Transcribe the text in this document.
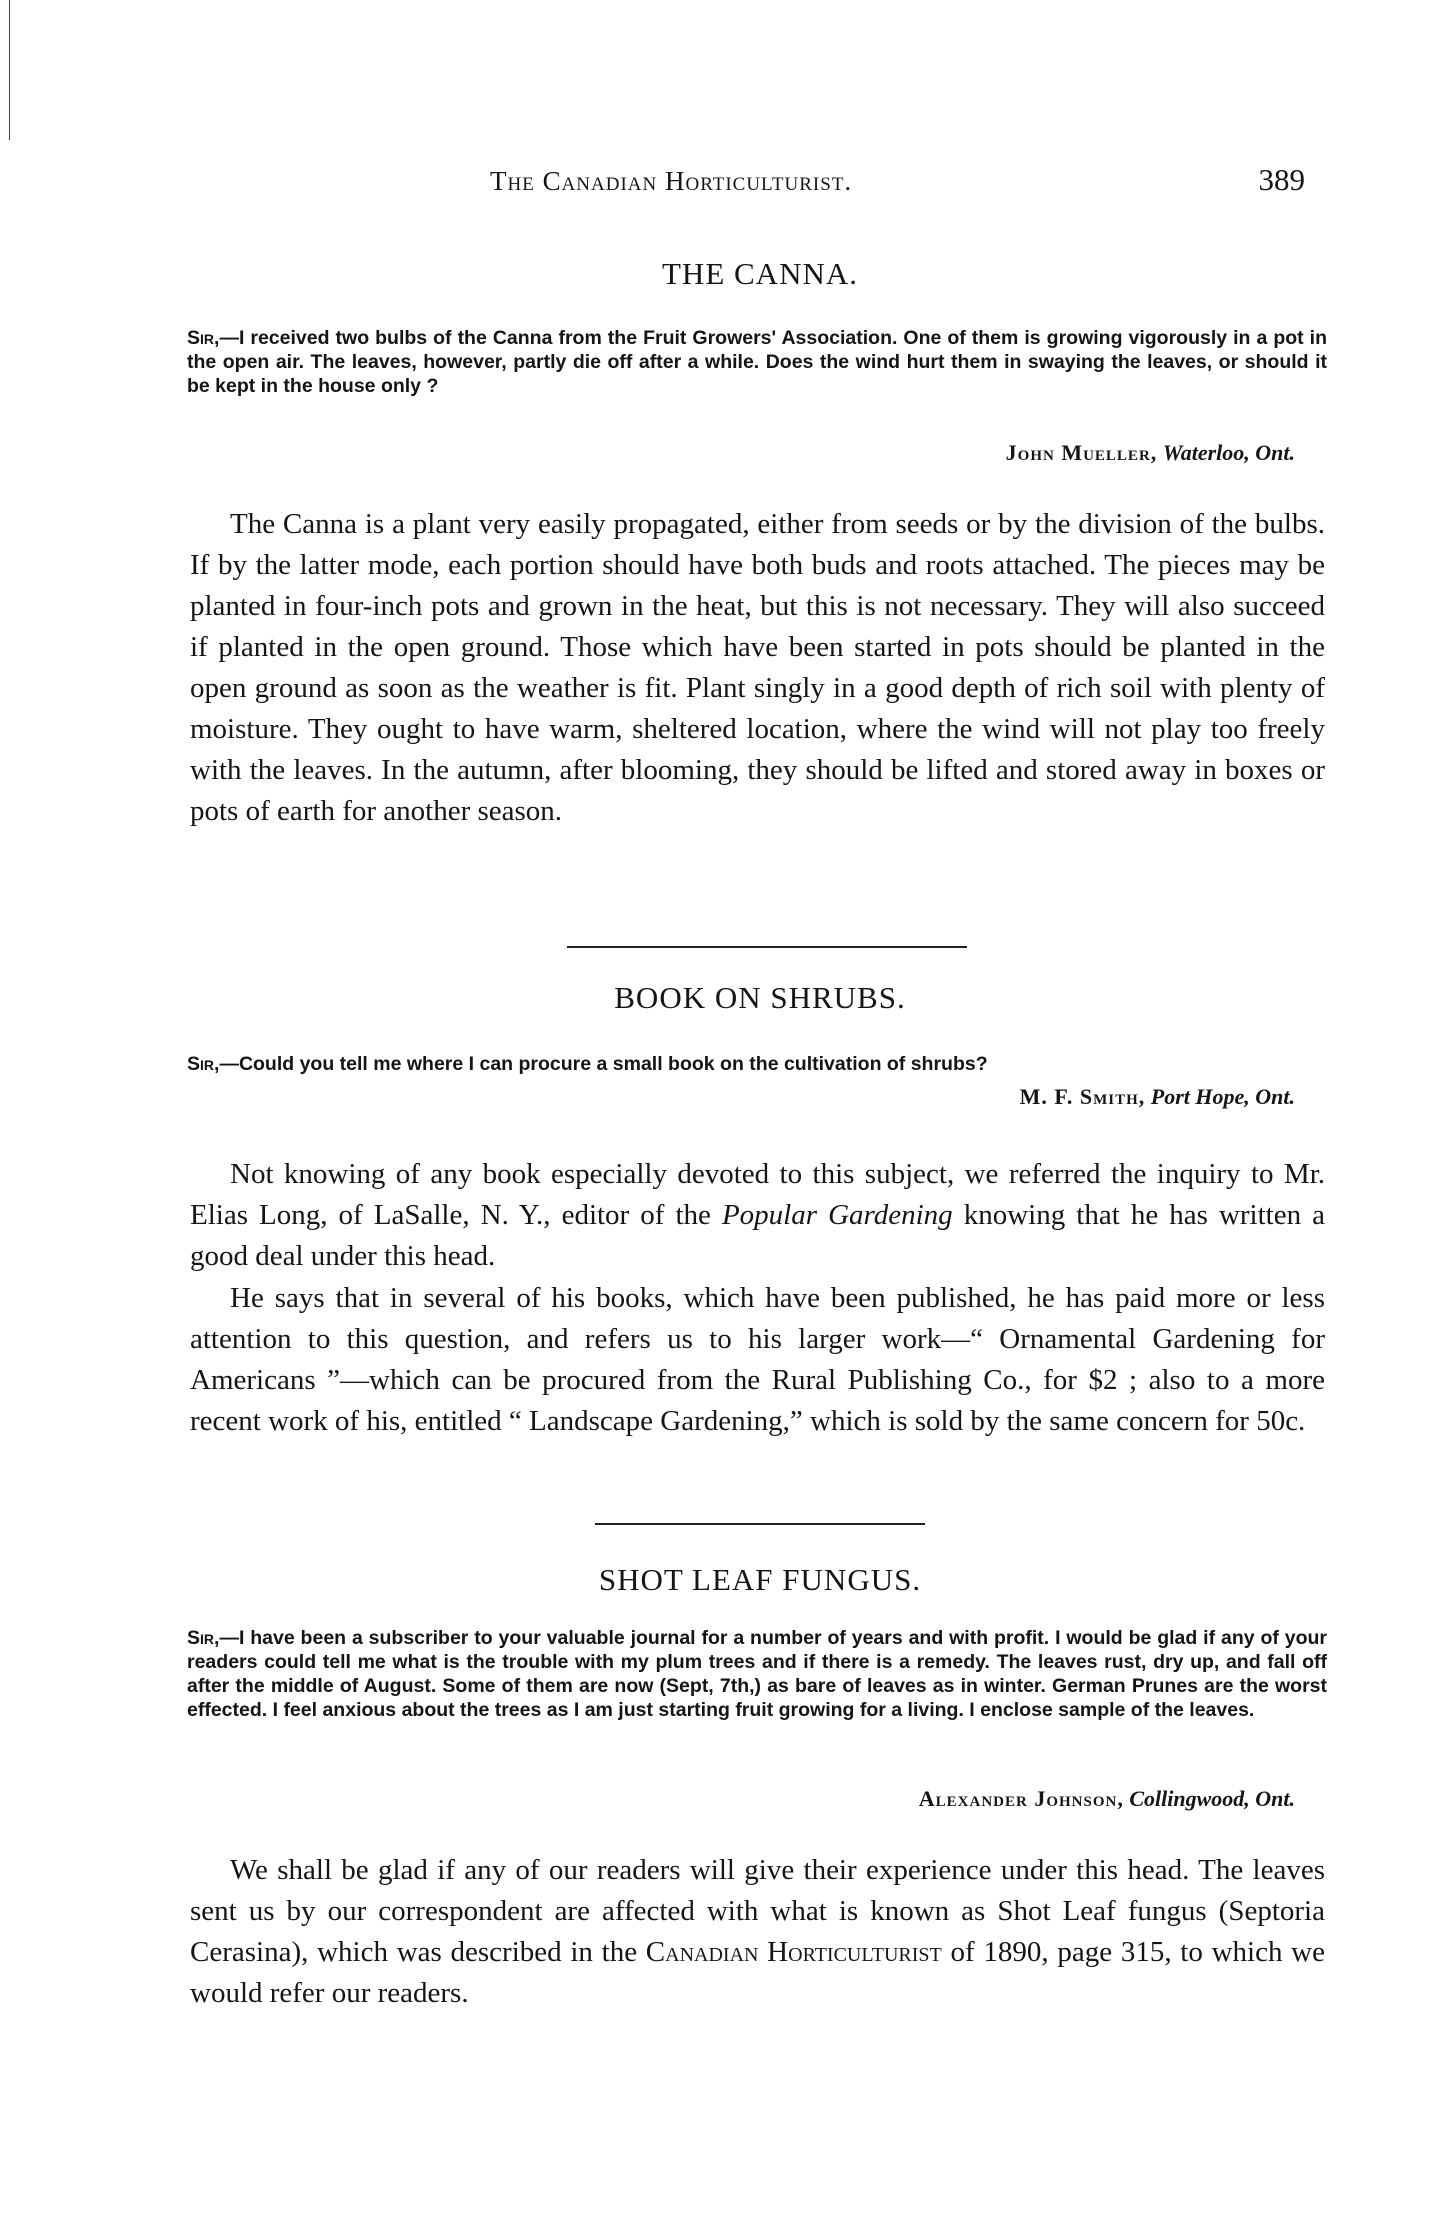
The Canadian Horticulturist.	389
THE CANNA.

Sir,—I received two bulbs of the Canna from the Fruit Growers' Association. One of them is growing vigorously in a pot in the open air. The leaves, however, partly die off after a while. Does the wind hurt them in swaying the leaves, or should it be kept in the house only ?

John Mueller, Waterloo, Ont.

The Canna is a plant very easily propagated, either from seeds or by the division of the bulbs. If by the latter mode, each portion should have both buds and roots attached. The pieces may be planted in four-inch pots and grown in the heat, but this is not necessary. They will also succeed if planted in the open ground. Those which have been started in pots should be planted in the open ground as soon as the weather is fit. Plant singly in a good depth of rich soil with plenty of moisture. They ought to have warm, sheltered location, where the wind will not play too freely with the leaves. In the autumn, after blooming, they should be lifted and stored away in boxes or pots of earth for another season.

BOOK ON SHRUBS.

Sir,—Could you tell me where I can procure a small book on the cultivation of shrubs?

M. F. Smith, Port Hope, Ont.

Not knowing of any book especially devoted to this subject, we referred the inquiry to Mr. Elias Long, of LaSalle, N. Y., editor of the Popular Gardening knowing that he has written a good deal under this head.

He says that in several of his books, which have been published, he has paid more or less attention to this question, and refers us to his larger work—“ Ornamental Gardening for Americans ”—which can be procured from the Rural Publishing Co., for $2 ; also to a more recent work of his, entitled “ Landscape Gardening,” which is sold by the same concern for 50c.

SHOT LEAF FUNGUS.

Sir,—I have been a subscriber to your valuable journal for a number of years and with profit. I would be glad if any of your readers could tell me what is the trouble with my plum trees and if there is a remedy. The leaves rust, dry up, and fall off after the middle of August. Some of them are now (Sept, 7th,) as bare of leaves as in winter. German Prunes are the worst effected. I feel anxious about the trees as I am just starting fruit growing for a living. I enclose sample of the leaves.

Alexander Johnson, Collingwood, Ont.

We shall be glad if any of our readers will give their experience under this head. The leaves sent us by our correspondent are affected with what is known as Shot Leaf fungus (Septoria Cerasina), which was described in the Canadian Horticulturist of 1890, page 315, to which we would refer our readers.
